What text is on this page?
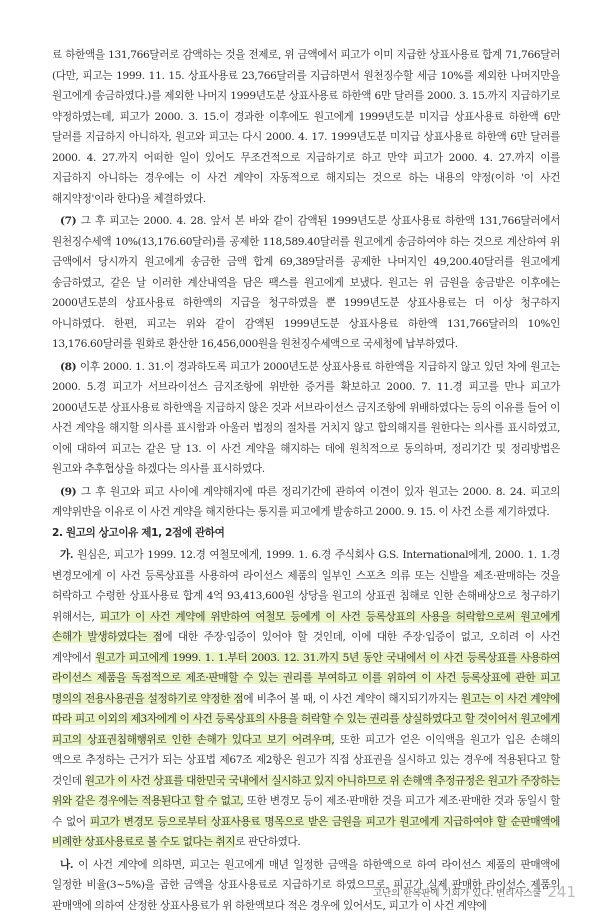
료 하한액을 131,766달러로 감액하는 것을 전제로, 위 금액에서 피고가 이미 지급한 상표사용료 합계 71,766달러(다만, 피고는 1999. 11. 15. 상표사용료 23,766달러를 지급하면서 원천징수할 세금 10%를 제외한 나머지만을 원고에게 송금하였다.)를 제외한 나머지 1999년도분 상표사용료 하한액 6만 달러를 2000. 3. 15.까지 지급하기로 약정하였는데, 피고가 2000. 3. 15.이 경과한 이후에도 원고에게 1999년도분 미지급 상표사용료 하한액 6만 달러를 지급하지 아니하자, 원고와 피고는 다시 2000. 4. 17. 1999년도분 미지급 상표사용료 하한액 6만 달러를 2000. 4. 27.까지 어떠한 일이 있어도 무조건적으로 지급하기로 하고 만약 피고가 2000. 4. 27.까지 이를 지급하지 아니하는 경우에는 이 사건 계약이 자동적으로 해지되는 것으로 하는 내용의 약정(이하 '이 사건 해지약정'이라 한다)을 체결하였다.

(7) 그 후 피고는 2000. 4. 28. 앞서 본 바와 같이 감액된 1999년도분 상표사용료 하한액 131,766달러에서 원천징수세액 10%(13,176.60달러)를 공제한 118,589.40달러를 원고에게 송금하여야 하는 것으로 계산하여 위 금액에서 당시까지 원고에게 송금한 금액 합계 69,389달러를 공제한 나머지인 49,200.40달러를 원고에게 송금하였고, 같은 날 이러한 계산내역을 담은 팩스를 원고에게 보냈다. 원고는 위 금원을 송금받은 이후에는 2000년도분의 상표사용료 하한액의 지급을 청구하였을 뿐 1999년도분 상표사용료는 더 이상 청구하지 아니하였다. 한편, 피고는 위와 같이 감액된 1999년도분 상표사용료 하한액 131,766달러의 10%인 13,176.60달러를 원화로 환산한 16,456,000원을 원천징수세액으로 국세청에 납부하였다.

(8) 이후 2000. 1. 31.이 경과하도록 피고가 2000년도분 상표사용료 하한액을 지급하지 않고 있던 차에 원고는 2000. 5.경 피고가 서브라이선스 금지조항에 위반한 증거를 확보하고 2000. 7. 11.경 피고를 만나 피고가 2000년도분 상표사용료 하한액을 지급하지 않은 것과 서브라이선스 금지조항에 위배하였다는 등의 이유를 들어 이 사건 계약을 해지할 의사를 표시함과 아울러 법정의 절차를 거치지 않고 합의해지를 원한다는 의사를 표시하였고, 이에 대하여 피고는 같은 달 13. 이 사건 계약을 해지하는 데에 원칙적으로 동의하며, 정리기간 및 정리방법은 원고와 추후협상을 하겠다는 의사를 표시하였다.

(9) 그 후 원고와 피고 사이에 계약해지에 따른 정리기간에 관하여 이견이 있자 원고는 2000. 8. 24. 피고의 계약위반을 이유로 이 사건 계약을 해지한다는 통지를 피고에게 발송하고 2000. 9. 15. 이 사건 소를 제기하였다.

2. 원고의 상고이유 제1, 2점에 관하여

가. 원심은, 피고가 1999. 12.경 여철모에게, 1999. 1. 6.경 주식회사 G.S. International에게, 2000. 1. 1.경 변경모에게 이 사건 등록상표를 사용하여 라이선스 제품의 일부인 스포츠 의류 또는 신발을 제조·판매하는 것을 허락하고 수령한 상표사용료 합계 4억 93,413,600원 상당을 원고의 상표권 침해로 인한 손해배상으로 청구하기 위해서는, 피고가 이 사건 계약에 위반하여 여철모 등에게 이 사건 등록상표의 사용을 허락함으로써 원고에게 손해가 발생하였다는 점에 대한 주장·입증이 있어야 할 것인데, 이에 대한 주장·입증이 없고, 오히려 이 사건 계약에서 원고가 피고에게 1999. 1. 1.부터 2003. 12. 31.까지 5년 동안 국내에서 이 사건 등록상표를 사용하여 라이선스 제품을 독점적으로 제조·판매할 수 있는 권리를 부여하고 이를 위하여 이 사건 등록상표에 관한 피고 명의의 전용사용권을 설정하기로 약정한 점에 비추어 볼 때, 이 사건 계약이 해지되기까지는 원고는 이 사건 계약에 따라 피고 이외의 제3자에게 이 사건 등록상표의 사용을 허락할 수 있는 권리를 상실하였다고 할 것이어서 원고에게 피고의 상표권침해행위로 인한 손해가 있다고 보기 어려우며, 또한 피고가 얻은 이익액을 원고가 입은 손해의 액으로 추정하는 근거가 되는 상표법 제67조 제2항은 원고가 직접 상표권을 실시하고 있는 경우에 적용된다고 할 것인데 원고가 이 사건 상표를 대한민국 국내에서 실시하고 있지 아니하므로 위 손해액 추정규정은 원고가 주장하는 위와 같은 경우에는 적용된다고 할 수 없고, 또한 변경모 등이 제조·판매한 것을 피고가 제조·판매한 것과 동일시 할 수 없어 피고가 변경모 등으로부터 상표사용료 명목으로 받은 금원을 피고가 원고에게 지급하여야 할 순판매액에 비례한 상표사용료로 볼 수도 없다는 취지로 판단하였다.

나. 이 사건 계약에 의하면, 피고는 원고에게 매년 일정한 금액을 하한액으로 하여 라이선스 제품의 판매액에 일정한 비율(3~5%)을 곱한 금액을 상표사용료로 지급하기로 하였으므로, 피고가 실제 판매한 라이선스 제품의 판매액에 의하여 산정한 상표사용료가 위 하한액보다 적은 경우에 있어서도, 피고가 이 사건 계약에

고난의 한복판에 기회가 있다. 변리사스쿨 241
